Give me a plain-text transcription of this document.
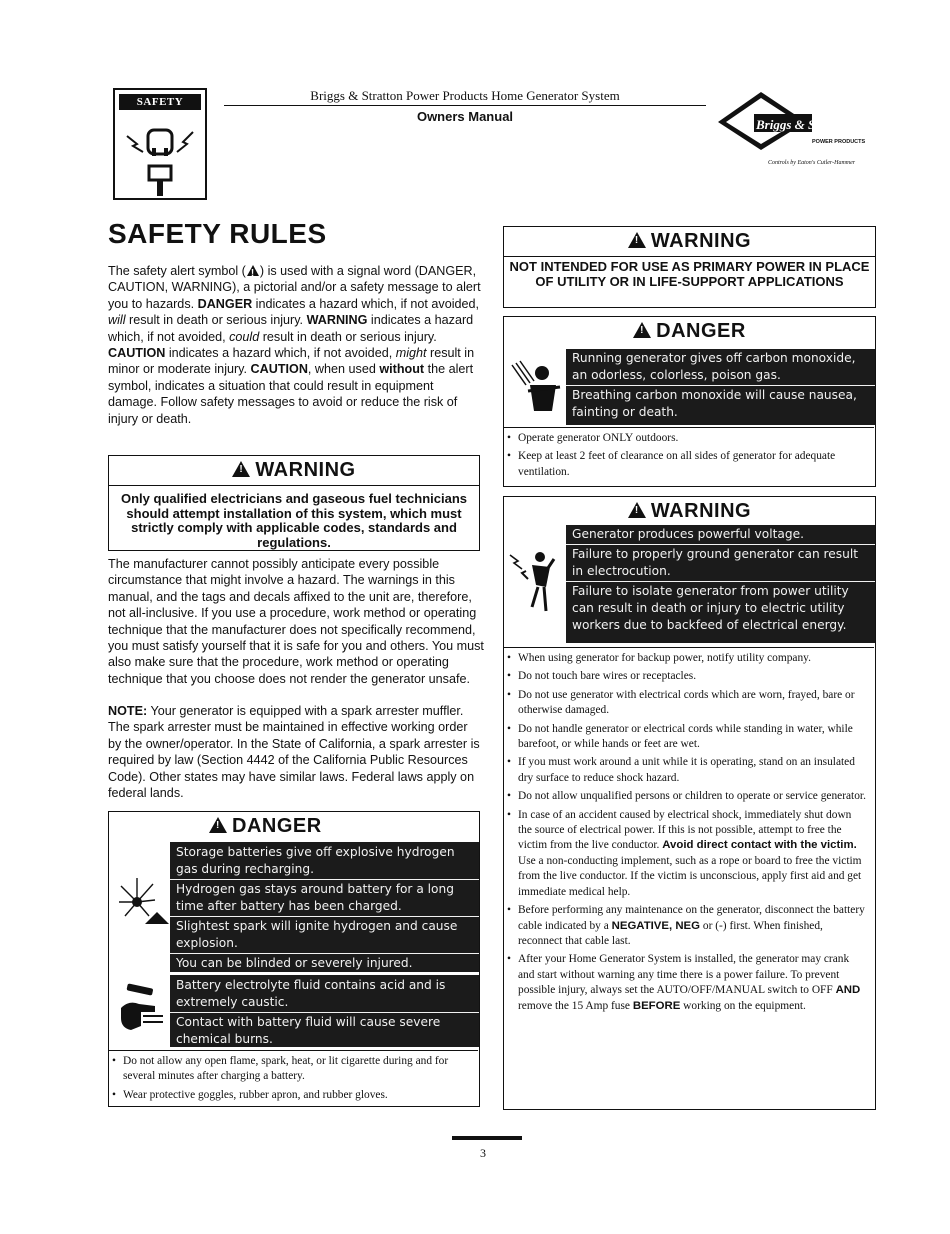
SAFETY RULES
Briggs & Stratton Power Products Home Generator System
Owners Manual
Briggs & Stratton
POWER PRODUCTS
Controls by Eaton's Cutler-Hammer
SAFETY RULES
The safety alert symbol (! ) is used with a signal word (DANGER, CAUTION, WARNING), a pictorial and/or a safety message to alert you to hazards. DANGER indicates a hazard which, if not avoided, will result in death or serious injury. WARNING indicates a hazard which, if not avoided, could result in death or serious injury. CAUTION indicates a hazard which, if not avoided, might result in minor or moderate injury. CAUTION, when used without the alert symbol, indicates a situation that could result in equipment damage. Follow safety messages to avoid or reduce the risk of injury or death.
!WARNING
Only qualified electricians and gaseous fuel technicians should attempt installation of this system, which must strictly comply with applicable codes, standards and regulations.
The manufacturer cannot possibly anticipate every possible circumstance that might involve a hazard. The warnings in this manual, and the tags and decals affixed to the unit are, therefore, not all-inclusive. If you use a procedure, work method or operating technique that the manufacturer does not specifically recommend, you must satisfy yourself that it is safe for you and others. You must also make sure that the procedure, work method or operating technique that you choose does not render the generator unsafe.
NOTE: Your generator is equipped with a spark arrester muffler. The spark arrester must be maintained in effective working order by the owner/operator. In the State of California, a spark arrester is required by law (Section 4442 of the California Public Resources Code). Other states may have similar laws. Federal laws apply on federal lands.
!DANGER
Storage batteries give off explosive hydrogen gas during recharging.
Hydrogen gas stays around battery for a long time after battery has been charged.
Slightest spark will ignite hydrogen and cause explosion.
You can be blinded or severely injured.
Battery electrolyte fluid contains acid and is extremely caustic.
Contact with battery fluid will cause severe chemical burns.
• Do not allow any open flame, spark, heat, or lit cigarette during and for several minutes after charging a battery.
• Wear protective goggles, rubber apron, and rubber gloves.
!WARNING
NOT INTENDED FOR USE AS PRIMARY POWER IN PLACE OF UTILITY OR IN LIFE-SUPPORT APPLICATIONS
!DANGER
Running generator gives off carbon monoxide, an odorless, colorless, poison gas.
Breathing carbon monoxide will cause nausea, fainting or death.
• Operate generator ONLY outdoors.
• Keep at least 2 feet of clearance on all sides of generator for adequate ventilation.
!WARNING
Generator produces powerful voltage.
Failure to properly ground generator can result in electrocution.
Failure to isolate generator from power utility can result in death or injury to electric utility workers due to backfeed of electrical energy.
• When using generator for backup power, notify utility company.
• Do not touch bare wires or receptacles.
• Do not use generator with electrical cords which are worn, frayed, bare or otherwise damaged.
• Do not handle generator or electrical cords while standing in water, while barefoot, or while hands or feet are wet.
• If you must work around a unit while it is operating, stand on an insulated dry surface to reduce shock hazard.
• Do not allow unqualified persons or children to operate or service generator.
• In case of an accident caused by electrical shock, immediately shut down the source of electrical power. If this is not possible, attempt to free the victim from the live conductor. Avoid direct contact with the victim. Use a non-conducting implement, such as a rope or board to free the victim from the live conductor. If the victim is unconscious, apply first aid and get immediate medical help.
• Before performing any maintenance on the generator, disconnect the battery cable indicated by a NEGATIVE, NEG or (-) first. When finished, reconnect that cable last.
• After your Home Generator System is installed, the generator may crank and start without warning any time there is a power failure. To prevent possible injury, always set the AUTO/OFF/MANUAL switch to OFF AND remove the 15 Amp fuse BEFORE working on the equipment.
3
